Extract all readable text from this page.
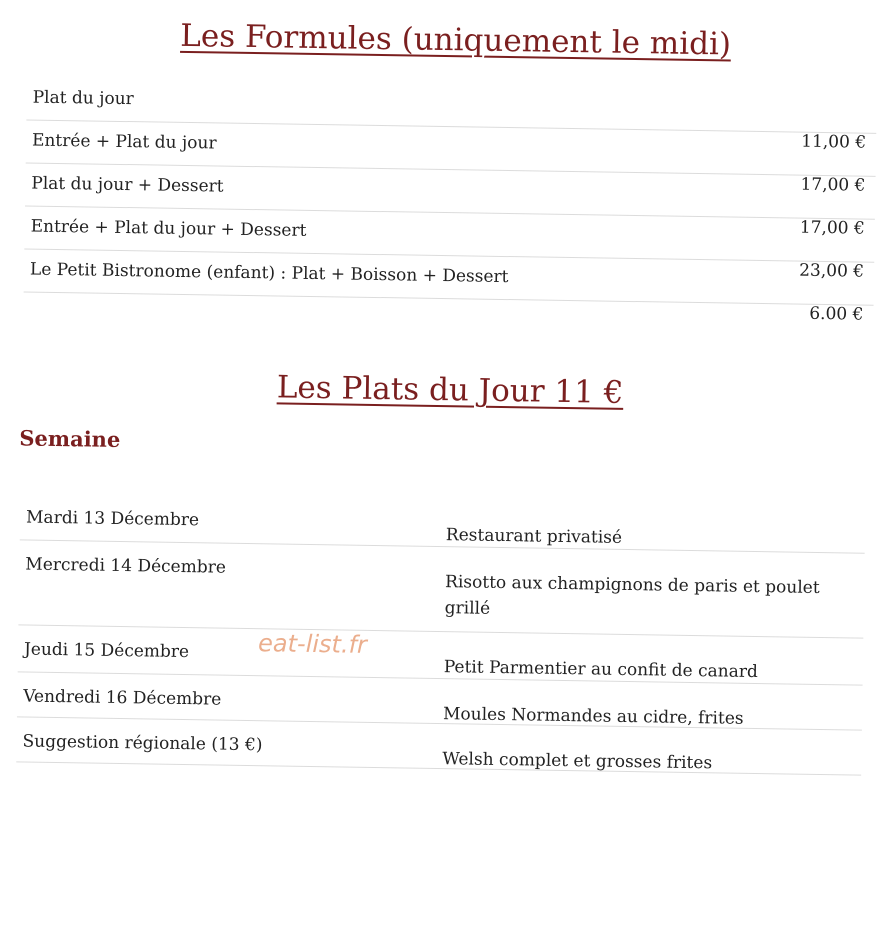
Les Formules (uniquement le midi)
Plat du jour
11,00 €
Entrée + Plat du jour
17,00 €
Plat du jour + Dessert
17,00 €
Entrée + Plat du jour + Dessert
23,00 €
Le Petit Bistronome (enfant) : Plat + Boisson + Dessert
6.00 €
Les Plats du Jour 11 €
Semaine
Mardi 13 Décembre
Restaurant privatisé
Mercredi 14 Décembre
Risotto aux champignons de paris et poulet grillé
Jeudi 15 Décembre
Petit Parmentier au confit de canard
Vendredi 16 Décembre
Moules Normandes au cidre, frites
Suggestion régionale (13 €)
Welsh complet et grosses frites
eat-list.fr
